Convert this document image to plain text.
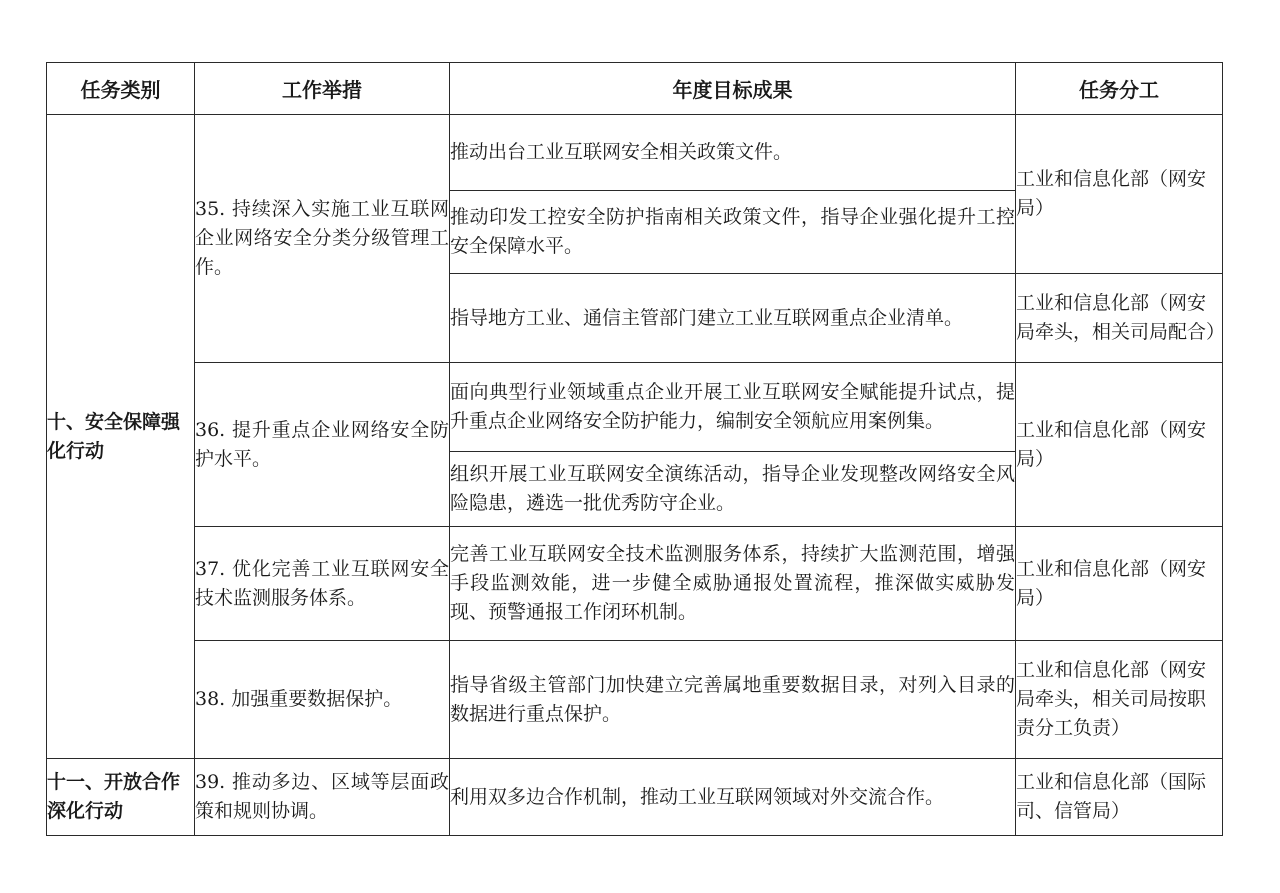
任务类别	工作举措	年度目标成果	任务分工

十、安全保障强化行动	35. 持续深入实施工业互联网企业网络安全分类分级管理工作。	推动出台工业互联网安全相关政策文件。	工业和信息化部（网安局）

		推动印发工控安全防护指南相关政策文件，指导企业强化提升工控安全保障水平。	

		指导地方工业、通信主管部门建立工业互联网重点企业清单。	工业和信息化部（网安局牵头，相关司局配合）

	36. 提升重点企业网络安全防护水平。	面向典型行业领域重点企业开展工业互联网安全赋能提升试点，提升重点企业网络安全防护能力，编制安全领航应用案例集。	工业和信息化部（网安局）

		组织开展工业互联网安全演练活动，指导企业发现整改网络安全风险隐患，遴选一批优秀防守企业。	

	37. 优化完善工业互联网安全技术监测服务体系。	完善工业互联网安全技术监测服务体系，持续扩大监测范围，增强手段监测效能，进一步健全威胁通报处置流程，推深做实威胁发现、预警通报工作闭环机制。	工业和信息化部（网安局）

	38. 加强重要数据保护。	指导省级主管部门加快建立完善属地重要数据目录，对列入目录的数据进行重点保护。	工业和信息化部（网安局牵头，相关司局按职责分工负责）

十一、开放合作深化行动	39. 推动多边、区域等层面政策和规则协调。	利用双多边合作机制，推动工业互联网领域对外交流合作。	工业和信息化部（国际司、信管局）
